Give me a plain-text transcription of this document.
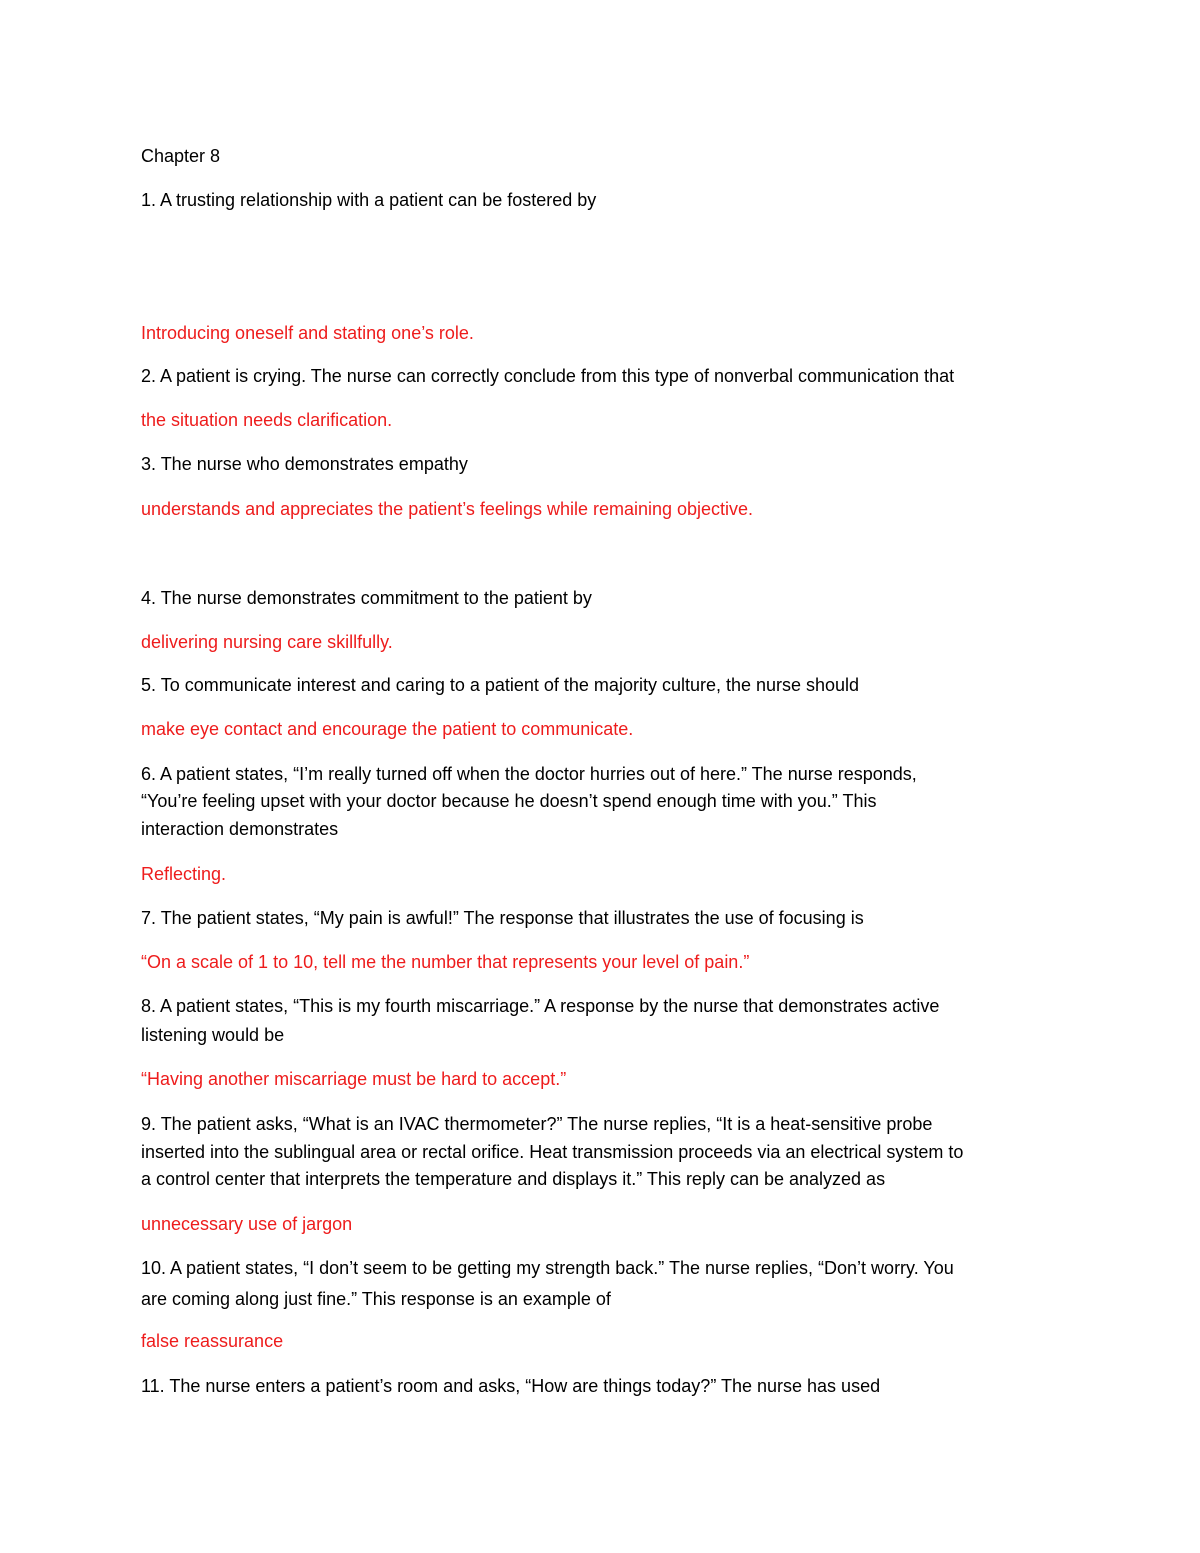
Chapter 8
1. A trusting relationship with a patient can be fostered by
Introducing oneself and stating one’s role.
2. A patient is crying. The nurse can correctly conclude from this type of nonverbal communication that
the situation needs clarification.
3. The nurse who demonstrates empathy
understands and appreciates the patient’s feelings while remaining objective.
4. The nurse demonstrates commitment to the patient by
delivering nursing care skillfully.
5. To communicate interest and caring to a patient of the majority culture, the nurse should
make eye contact and encourage the patient to communicate.
6. A patient states, “I’m really turned off when the doctor hurries out of here.” The nurse responds,
“You’re feeling upset with your doctor because he doesn’t spend enough time with you.” This
interaction demonstrates
Reflecting.
7. The patient states, “My pain is awful!” The response that illustrates the use of focusing is
“On a scale of 1 to 10, tell me the number that represents your level of pain.”
8. A patient states, “This is my fourth miscarriage.” A response by the nurse that demonstrates active
listening would be
“Having another miscarriage must be hard to accept.”
9. The patient asks, “What is an IVAC thermometer?” The nurse replies, “It is a heat-sensitive probe
inserted into the sublingual area or rectal orifice. Heat transmission proceeds via an electrical system to
a control center that interprets the temperature and displays it.” This reply can be analyzed as
unnecessary use of jargon
10. A patient states, “I don’t seem to be getting my strength back.” The nurse replies, “Don’t worry. You
are coming along just fine.” This response is an example of
false reassurance
11. The nurse enters a patient’s room and asks, “How are things today?” The nurse has used
